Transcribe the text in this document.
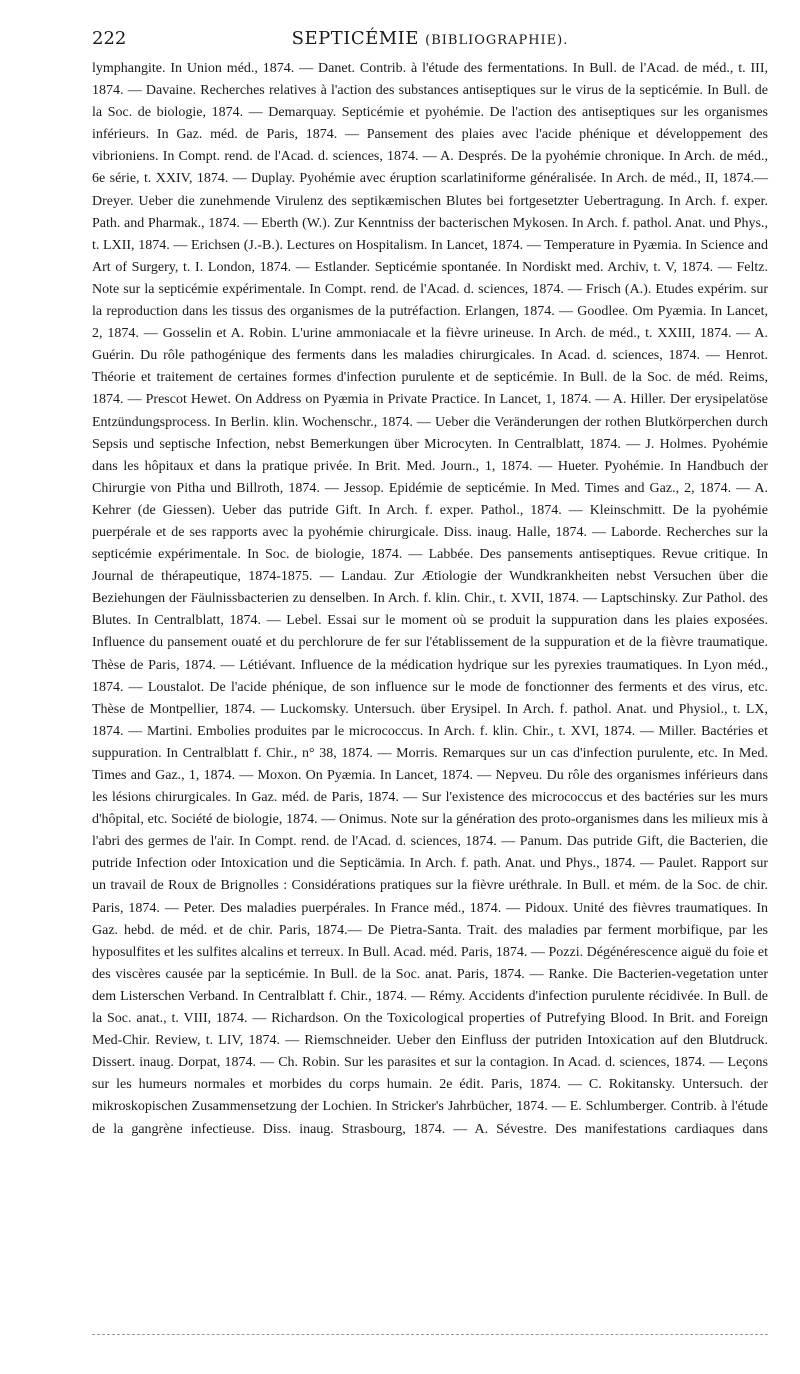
222	SEPTICÉMIE (BIBLIOGRAPHIE).

lymphangite. In Union méd., 1874. — Danet. Contrib. à l'étude des fermentations. In Bull. de l'Acad. de méd., t. III, 1874. — Davaine. Recherches relatives à l'action des substances antiseptiques sur le virus de la septicémie. In Bull. de la Soc. de biologie, 1874. — Demarquay. Septicémie et pyohémie. De l'action des antiseptiques sur les organismes inférieurs. In Gaz. méd. de Paris, 1874. — Pansement des plaies avec l'acide phénique et développement des vibrioniens. In Compt. rend. de l'Acad. d. sciences, 1874. — A. Després. De la pyohémie chronique. In Arch. de méd., 6e série, t. XXIV, 1874. — Duplay. Pyohémie avec éruption scarlatiniforme généralisée. In Arch. de méd., II, 1874.— Dreyer. Ueber die zunehmende Virulenz des septikæmischen Blutes bei fortgesetzter Uebertragung. In Arch. f. exper. Path. and Pharmak., 1874. — Eberth (W.). Zur Kenntniss der bacterischen Mykosen. In Arch. f. pathol. Anat. und Phys., t. LXII, 1874. — Erichsen (J.-B.). Lectures on Hospitalism. In Lancet, 1874. — Temperature in Pyæmia. In Science and Art of Surgery, t. I. London, 1874. — Estlander. Septicémie spontanée. In Nordiskt med. Archiv, t. V, 1874. — Feltz. Note sur la septicémie expérimentale. In Compt. rend. de l'Acad. d. sciences, 1874. — Frisch (A.). Etudes expérim. sur la reproduction dans les tissus des organismes de la putréfaction. Erlangen, 1874. — Goodlee. Om Pyæmia. In Lancet, 2, 1874. — Gosselin et A. Robin. L'urine ammoniacale et la fièvre urineuse. In Arch. de méd., t. XXIII, 1874. — A. Guérin. Du rôle pathogénique des ferments dans les maladies chirurgicales. In Acad. d. sciences, 1874. — Henrot. Théorie et traitement de certaines formes d'infection purulente et de septicémie. In Bull. de la Soc. de méd. Reims, 1874. — Prescot Hewet. On Address on Pyæmia in Private Practice. In Lancet, 1, 1874. — A. Hiller. Der erysipelatöse Entzündungsprocess. In Berlin. klin. Wochenschr., 1874. — Ueber die Veränderungen der rothen Blutkörperchen durch Sepsis und septische Infection, nebst Bemerkungen über Microcyten. In Centralblatt, 1874. — J. Holmes. Pyohémie dans les hôpitaux et dans la pratique privée. In Brit. Med. Journ., 1, 1874. — Hueter. Pyohémie. In Handbuch der Chirurgie von Pitha und Billroth, 1874. — Jessop. Epidémie de septicémie. In Med. Times and Gaz., 2, 1874. — A. Kehrer (de Giessen). Ueber das putride Gift. In Arch. f. exper. Pathol., 1874. — Kleinschmitt. De la pyohémie puerpérale et de ses rapports avec la pyohémie chirurgicale. Diss. inaug. Halle, 1874. — Laborde. Recherches sur la septicémie expérimentale. In Soc. de biologie, 1874. — Labbée. Des pansements antiseptiques. Revue critique. In Journal de thérapeutique, 1874-1875. — Landau. Zur Ætiologie der Wundkrankheiten nebst Versuchen über die Beziehungen der Fäulnissbacterien zu denselben. In Arch. f. klin. Chir., t. XVII, 1874. — Laptschinsky. Zur Pathol. des Blutes. In Centralblatt, 1874. — Lebel. Essai sur le moment où se produit la suppuration dans les plaies exposées. Influence du pansement ouaté et du perchlorure de fer sur l'établissement de la suppuration et de la fièvre traumatique. Thèse de Paris, 1874. — Létiévant. Influence de la médication hydrique sur les pyrexies traumatiques. In Lyon méd., 1874. — Loustalot. De l'acide phénique, de son influence sur le mode de fonctionner des ferments et des virus, etc. Thèse de Montpellier, 1874. — Luckomsky. Untersuch. über Erysipel. In Arch. f. pathol. Anat. und Physiol., t. LX, 1874. — Martini. Embolies produites par le micrococcus. In Arch. f. klin. Chir., t. XVI, 1874. — Miller. Bactéries et suppuration. In Centralblatt f. Chir., n° 38, 1874. — Morris. Remarques sur un cas d'infection purulente, etc. In Med. Times and Gaz., 1, 1874. — Moxon. On Pyæmia. In Lancet, 1874. — Nepveu. Du rôle des organismes inférieurs dans les lésions chirurgicales. In Gaz. méd. de Paris, 1874. — Sur l'existence des micrococcus et des bactéries sur les murs d'hôpital, etc. Société de biologie, 1874. — Onimus. Note sur la génération des proto-organismes dans les milieux mis à l'abri des germes de l'air. In Compt. rend. de l'Acad. d. sciences, 1874. — Panum. Das putride Gift, die Bacterien, die putride Infection oder Intoxication und die Septicämia. In Arch. f. path. Anat. und Phys., 1874. — Paulet. Rapport sur un travail de Roux de Brignolles : Considérations pratiques sur la fièvre uréthrale. In Bull. et mém. de la Soc. de chir. Paris, 1874. — Peter. Des maladies puerpérales. In France méd., 1874. — Pidoux. Unité des fièvres traumatiques. In Gaz. hebd. de méd. et de chir. Paris, 1874.— De Pietra-Santa. Trait. des maladies par ferment morbifique, par les hyposulfites et les sulfites alcalins et terreux. In Bull. Acad. méd. Paris, 1874. — Pozzi. Dégénérescence aiguë du foie et des viscères causée par la septicémie. In Bull. de la Soc. anat. Paris, 1874. — Ranke. Die Bacterien-vegetation unter dem Listerschen Verband. In Centralblatt f. Chir., 1874. — Rémy. Accidents d'infection purulente récidivée. In Bull. de la Soc. anat., t. VIII, 1874. — Richardson. On the Toxicological properties of Putrefying Blood. In Brit. and Foreign Med-Chir. Review, t. LIV, 1874. — Riemschneider. Ueber den Einfluss der putriden Intoxication auf den Blutdruck. Dissert. inaug. Dorpat, 1874. — Ch. Robin. Sur les parasites et sur la contagion. In Acad. d. sciences, 1874. — Leçons sur les humeurs normales et morbides du corps humain. 2e édit. Paris, 1874. — C. Rokitansky. Untersuch. der mikroskopischen Zusammensetzung der Lochien. In Stricker's Jahrbücher, 1874. — E. Schlumberger. Contrib. à l'étude de la gangrène infectieuse. Diss. inaug. Strasbourg, 1874. — A. Sévestre. Des manifestations cardiaques dans
